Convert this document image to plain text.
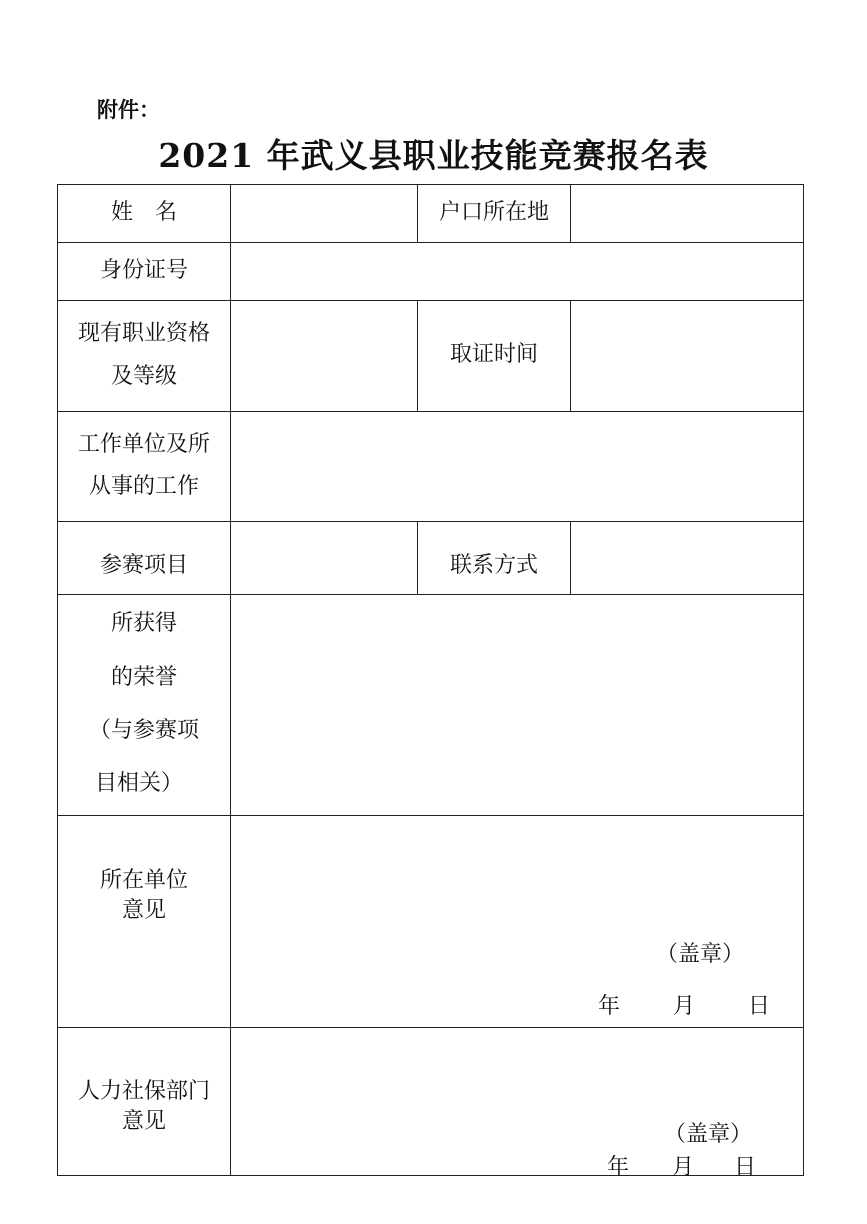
附件：
2021 年武义县职业技能竞赛报名表
姓　名	户口所在地
身份证号
现有职业资格
及等级
取证时间
工作单位及所
从事的工作
参赛项目	联系方式
所获得
的荣誉
（与参赛项
目相关）
所在单位
意见
（盖章）
年 月 日
人力社保部门
意见
（盖章）
年 月 日
